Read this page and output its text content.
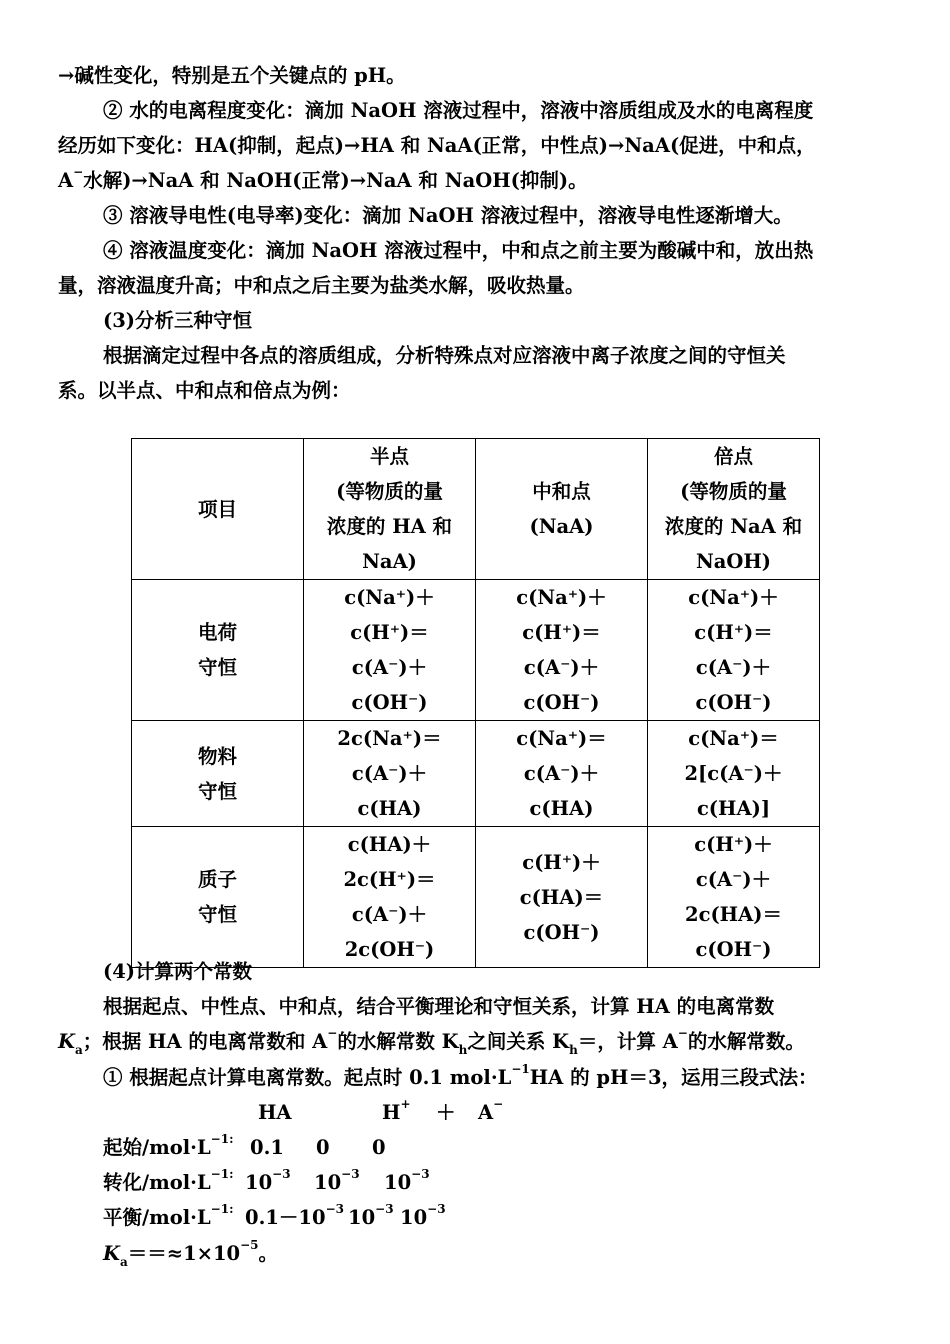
→碱性变化，特别是五个关键点的 pH。
② 水的电离程度变化：滴加 NaOH 溶液过程中，溶液中溶质组成及水的电离程度
经历如下变化：HA(抑制，起点)→HA 和 NaA(正常，中性点)→NaA(促进，中和点，
A−水解)→NaA 和 NaOH(正常)→NaA 和 NaOH(抑制)。
③ 溶液导电性(电导率)变化：滴加 NaOH 溶液过程中，溶液导电性逐渐增大。
④ 溶液温度变化：滴加 NaOH 溶液过程中，中和点之前主要为酸碱中和，放出热
量，溶液温度升高；中和点之后主要为盐类水解，吸收热量。
(3)分析三种守恒
根据滴定过程中各点的溶质组成，分析特殊点对应溶液中离子浓度之间的守恒关
系。以半点、中和点和倍点为例：
项目	半点
(等物质的量
浓度的 HA 和
NaA)	中和点
(NaA)	倍点
(等物质的量
浓度的 NaA 和
NaOH)

电荷
守恒	c(Na⁺)＋
c(H⁺)＝
c(A⁻)＋
c(OH⁻)	c(Na⁺)＋
c(H⁺)＝
c(A⁻)＋
c(OH⁻)	c(Na⁺)＋
c(H⁺)＝
c(A⁻)＋
c(OH⁻)

物料
守恒	2c(Na⁺)＝
c(A⁻)＋
c(HA)	c(Na⁺)＝
c(A⁻)＋
c(HA)	c(Na⁺)＝
2[c(A⁻)＋
c(HA)]

质子
守恒	c(HA)＋
2c(H⁺)＝
c(A⁻)＋
2c(OH⁻)	c(H⁺)＋
c(HA)＝
c(OH⁻)	c(H⁺)＋
c(A⁻)＋
2c(HA)＝
c(OH⁻)
(4)计算两个常数
根据起点、中性点、中和点，结合平衡理论和守恒关系，计算 HA 的电离常数
$K_a$；根据 HA 的电离常数和 A−的水解常数 $K_h$之间关系 $K_h=$，计算 A−的水解常数。
① 根据起点计算电离常数。起点时 0.1 $mol\cdot L^{-1}HA$ 的 pH＝3，运用三段式法：
HA	H+ ＋ A−
起始$/mol\cdot L^{-1:}$ 0.1 0 0
转化$/mol\cdot L^{-1:}$ $10^{-3}$ $10^{-3}$ $10^{-3}$
平衡$/mol\cdot L^{-1:}$ $0.1-10^{-3}$ $10^{-3}$ $10^{-3}$
$K_a==\approx 1\times 10^{-5}$。
